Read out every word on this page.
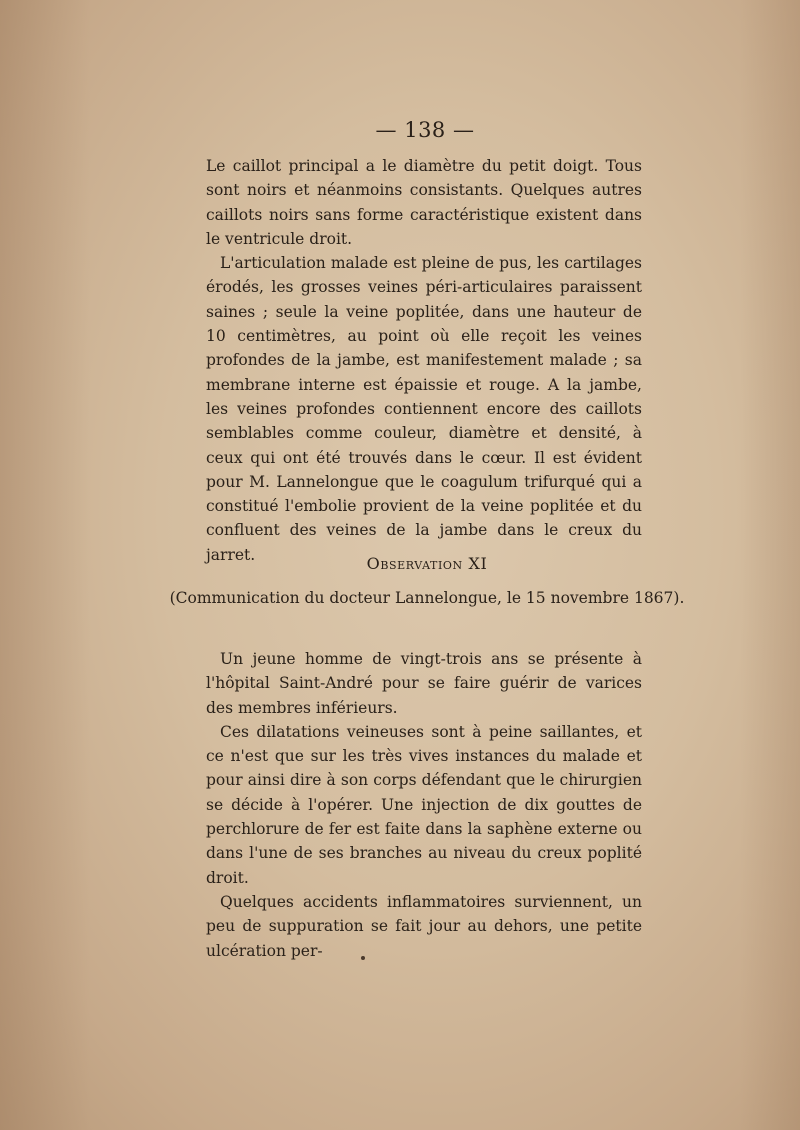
— 138 —

Le caillot principal a le diamètre du petit doigt. Tous sont noirs et néanmoins consistants. Quelques autres caillots noirs sans forme caractéristique existent dans le ventricule droit.

L'articulation malade est pleine de pus, les cartilages érodés, les grosses veines péri-articulaires paraissent saines ; seule la veine poplitée, dans une hauteur de 10 centimètres, au point où elle reçoit les veines profondes de la jambe, est manifestement malade ; sa membrane interne est épaissie et rouge. A la jambe, les veines profondes contiennent encore des caillots semblables comme couleur, diamètre et densité, à ceux qui ont été trouvés dans le cœur. Il est évident pour M. Lannelongue que le coagulum trifurqué qui a constitué l'embolie provient de la veine poplitée et du confluent des veines de la jambe dans le creux du jarret.	Observation XI
(Communication du docteur Lannelongue, le 15 novembre 1867).

Un jeune homme de vingt-trois ans se présente à l'hôpital Saint-André pour se faire guérir de varices des membres inférieurs.

Ces dilatations veineuses sont à peine saillantes, et ce n'est que sur les très vives instances du malade et pour ainsi dire à son corps défendant que le chirurgien se décide à l'opérer. Une injection de dix gouttes de perchlorure de fer est faite dans la saphène externe ou dans l'une de ses branches au niveau du creux poplité droit.

Quelques accidents inflammatoires surviennent, un peu de suppuration se fait jour au dehors, une petite ulcération per-
